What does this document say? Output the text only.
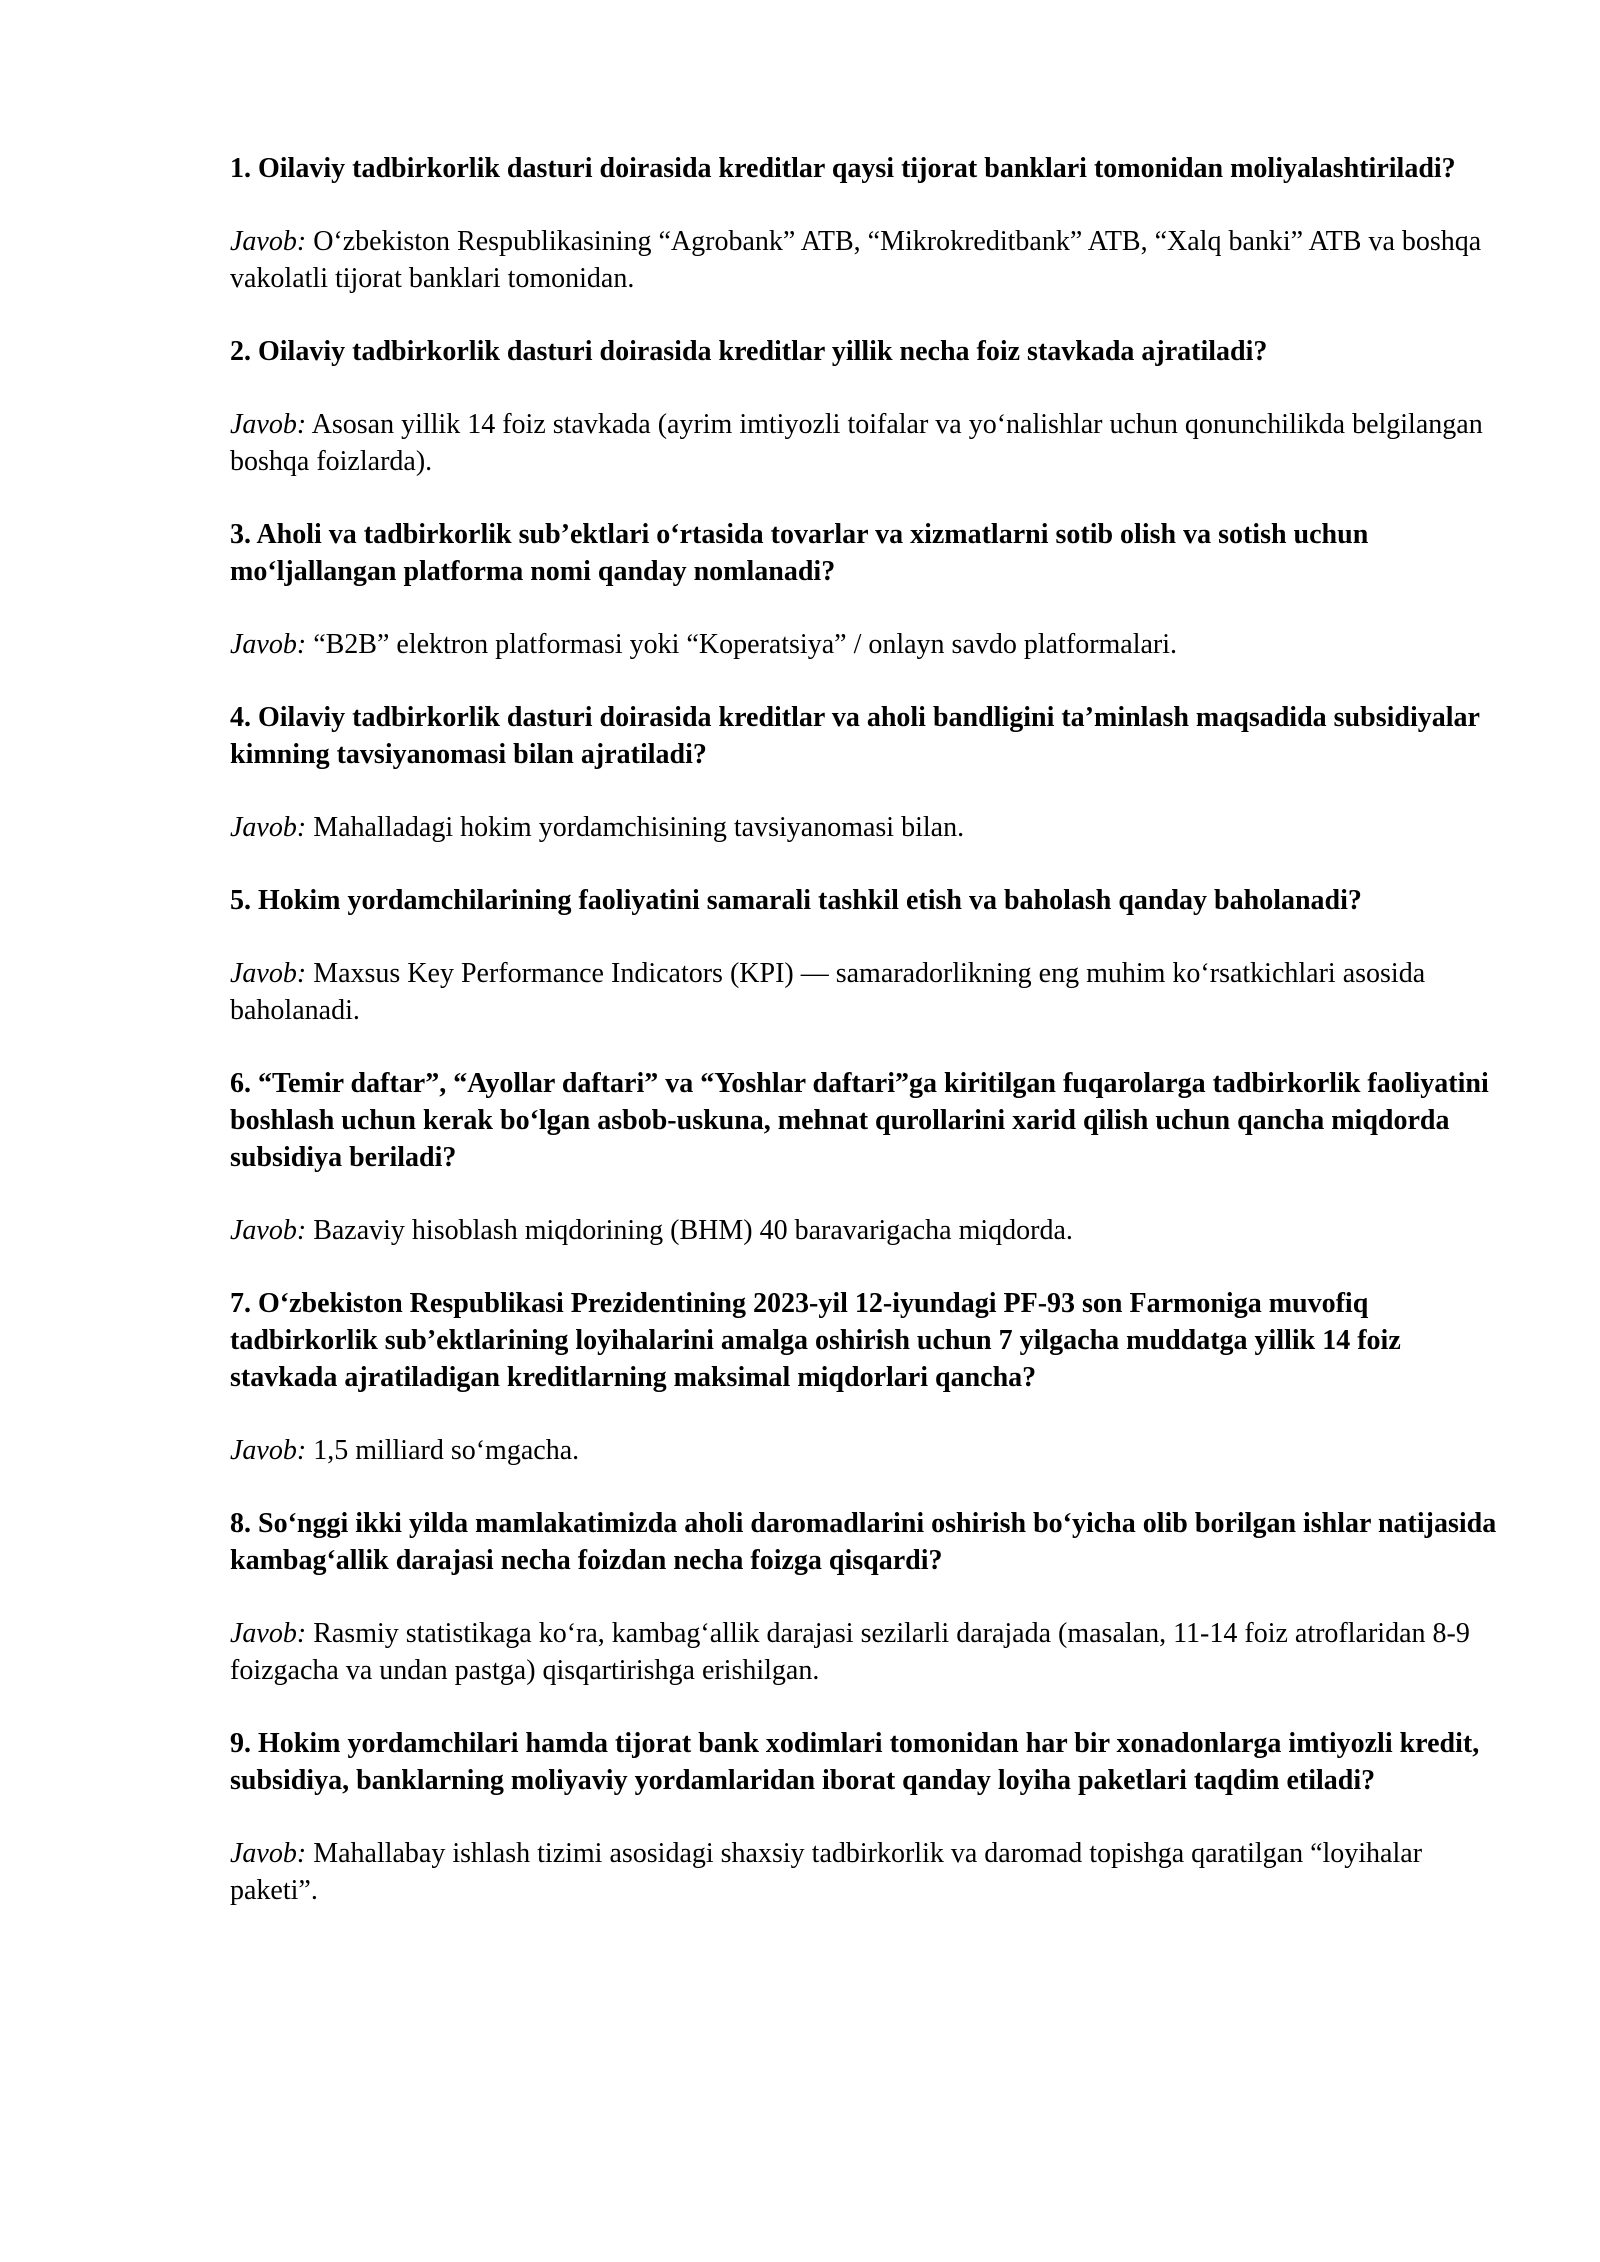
1. Oilaviy tadbirkorlik dasturi doirasida kreditlar qaysi tijorat banklari tomonidan moliyalashtiriladi?

Javob: O‘zbekiston Respublikasining “Agrobank” ATB, “Mikrokreditbank” ATB, “Xalq banki” ATB va boshqa vakolatli tijorat banklari tomonidan.

2. Oilaviy tadbirkorlik dasturi doirasida kreditlar yillik necha foiz stavkada ajratiladi?

Javob: Asosan yillik 14 foiz stavkada (ayrim imtiyozli toifalar va yo‘nalishlar uchun qonunchilikda belgilangan boshqa foizlarda).

3. Aholi va tadbirkorlik sub’ektlari o‘rtasida tovarlar va xizmatlarni sotib olish va sotish uchun mo‘ljallangan platforma nomi qanday nomlanadi?

Javob: “B2B” elektron platformasi yoki “Koperatsiya” / onlayn savdo platformalari.

4. Oilaviy tadbirkorlik dasturi doirasida kreditlar va aholi bandligini ta’minlash maqsadida subsidiyalar kimning tavsiyanomasi bilan ajratiladi?

Javob: Mahalladagi hokim yordamchisining tavsiyanomasi bilan.

5. Hokim yordamchilarining faoliyatini samarali tashkil etish va baholash qanday baholanadi?

Javob: Maxsus Key Performance Indicators (KPI) — samaradorlikning eng muhim ko‘rsatkichlari asosida baholanadi.

6. “Temir daftar”, “Ayollar daftari” va “Yoshlar daftari”ga kiritilgan fuqarolarga tadbirkorlik faoliyatini boshlash uchun kerak bo‘lgan asbob-uskuna, mehnat qurollarini xarid qilish uchun qancha miqdorda subsidiya beriladi?

Javob: Bazaviy hisoblash miqdorining (BHM) 40 baravarigacha miqdorda.

7. O‘zbekiston Respublikasi Prezidentining 2023-yil 12-iyundagi PF-93 son Farmoniga muvofiq tadbirkorlik sub’ektlarining loyihalarini amalga oshirish uchun 7 yilgacha muddatga yillik 14 foiz stavkada ajratiladigan kreditlarning maksimal miqdorlari qancha?

Javob: 1,5 milliard so‘mgacha.

8. So‘nggi ikki yilda mamlakatimizda aholi daromadlarini oshirish bo‘yicha olib borilgan ishlar natijasida kambag‘allik darajasi necha foizdan necha foizga qisqardi?

Javob: Rasmiy statistikaga ko‘ra, kambag‘allik darajasi sezilarli darajada (masalan, 11-14 foiz atroflaridan 8-9 foizgacha va undan pastga) qisqartirishga erishilgan.

9. Hokim yordamchilari hamda tijorat bank xodimlari tomonidan har bir xonadonlarga imtiyozli kredit, subsidiya, banklarning moliyaviy yordamlaridan iborat qanday loyiha paketlari taqdim etiladi?

Javob: Mahallabay ishlash tizimi asosidagi shaxsiy tadbirkorlik va daromad topishga qaratilgan “loyihalar paketi”.
